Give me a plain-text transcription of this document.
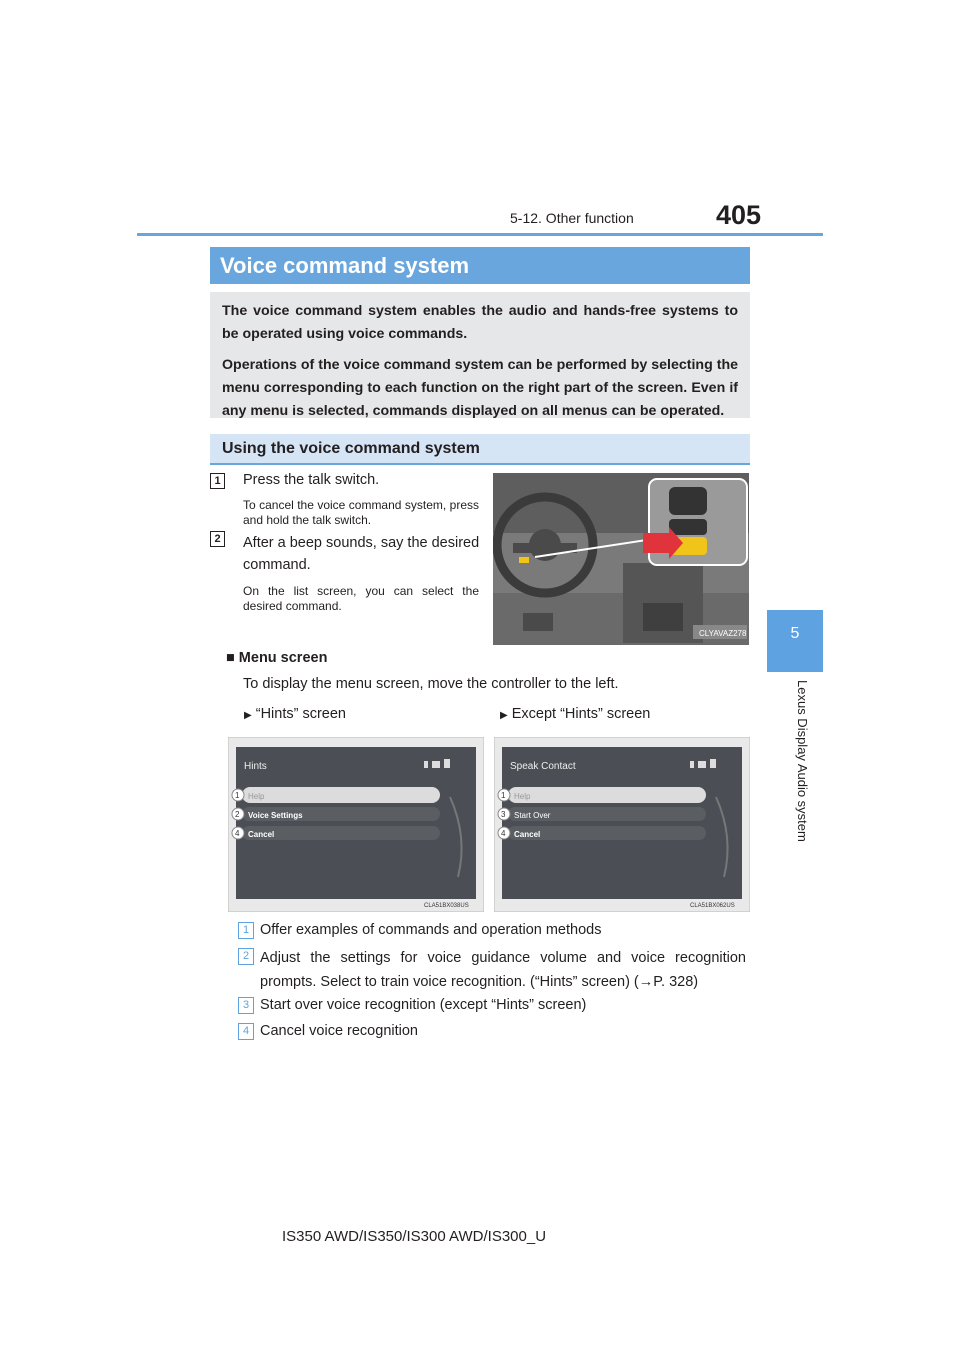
5-12. Other function	405
5
Lexus Display Audio system
Voice command system

The voice command system enables the audio and hands-free systems to be operated using voice commands.

Operations of the voice command system can be performed by selecting the menu corresponding to each function on the right part of the screen. Even if any menu is selected, commands displayed on all menus can be operated.

Using the voice command system
1	Press the talk switch.
To cancel the voice command system, press and hold the talk switch.
2	After a beep sounds, say the desired command.
On the list screen, you can select the desired command.
CLYAVAZ278
■ Menu screen
To display the menu screen, move the controller to the left.
▶ “Hints” screen	▶ Except “Hints” screen
Hints
Help
Voice Settings
Cancel
1
2
4
CLA51BX038US
Speak Contact
Help
Start Over
Cancel
1
3
4
CLA51BX062US
1 Offer examples of commands and operation methods
2 Adjust the settings for voice guidance volume and voice recognition prompts. Select to train voice recognition. (“Hints” screen) (→P. 328)
3 Start over voice recognition (except “Hints” screen)
4 Cancel voice recognition
IS350 AWD/IS350/IS300 AWD/IS300_U
